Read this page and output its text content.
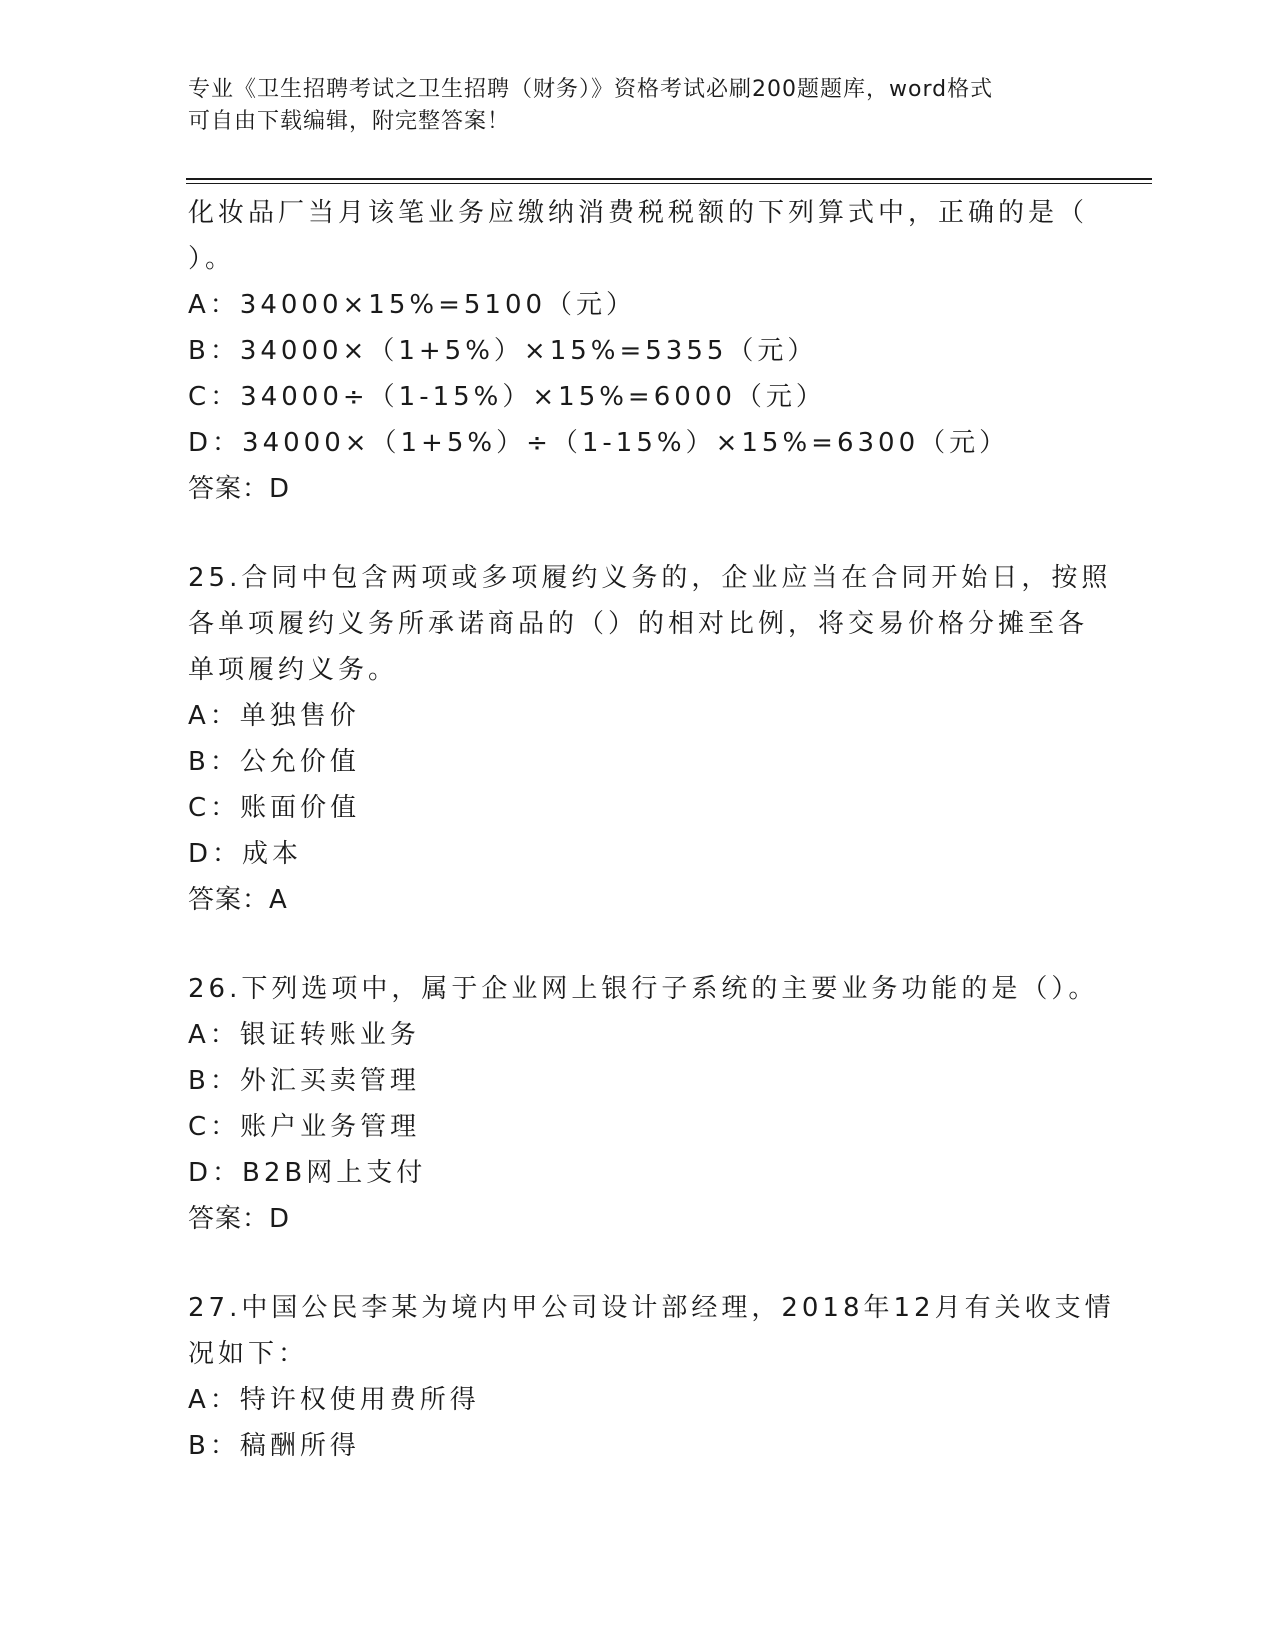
专业《卫生招聘考试之卫生招聘（财务）》资格考试必刷200题题库，word格式
可自由下载编辑，附完整答案！
化妆品厂当月该笔业务应缴纳消费税税额的下列算式中，正确的是（
）。
A：34000×15%=5100（元）
B：34000×（1+5%）×15%=5355（元）
C：34000÷（1-15%）×15%=6000（元）
D：34000×（1+5%）÷（1-15%）×15%=6300（元）
答案：D
25.合同中包含两项或多项履约义务的，企业应当在合同开始日，按照
各单项履约义务所承诺商品的（）的相对比例，将交易价格分摊至各
单项履约义务。
A：单独售价
B：公允价值
C：账面价值
D：成本
答案：A
26.下列选项中，属于企业网上银行子系统的主要业务功能的是（）。
A：银证转账业务
B：外汇买卖管理
C：账户业务管理
D：B2B网上支付
答案：D
27.中国公民李某为境内甲公司设计部经理，2018年12月有关收支情
况如下：
A：特许权使用费所得
B：稿酬所得
